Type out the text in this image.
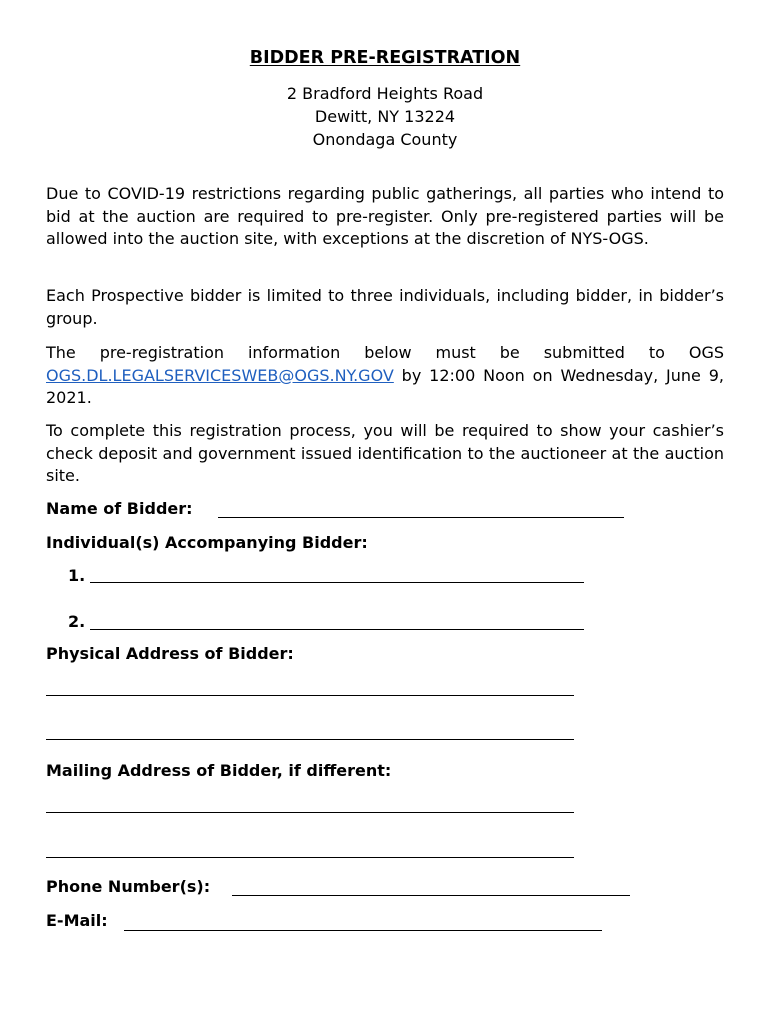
BIDDER PRE-REGISTRATION
2 Bradford Heights Road
Dewitt, NY 13224
Onondaga County
Due to COVID-19 restrictions regarding public gatherings, all parties who intend to bid at the auction are required to pre-register. Only pre-registered parties will be allowed into the auction site, with exceptions at the discretion of NYS-OGS.
Each Prospective bidder is limited to three individuals, including bidder, in bidder’s group.
The pre-registration information below must be submitted to OGS OGS.DL.LEGALSERVICESWEB@OGS.NY.GOV by 12:00 Noon on Wednesday, June 9, 2021.
To complete this registration process, you will be required to show your cashier’s check deposit and government issued identification to the auctioneer at the auction site.
Name of Bidder:
Individual(s) Accompanying Bidder:
1.
2.
Physical Address of Bidder:
Mailing Address of Bidder, if different:
Phone Number(s):
E-Mail:
